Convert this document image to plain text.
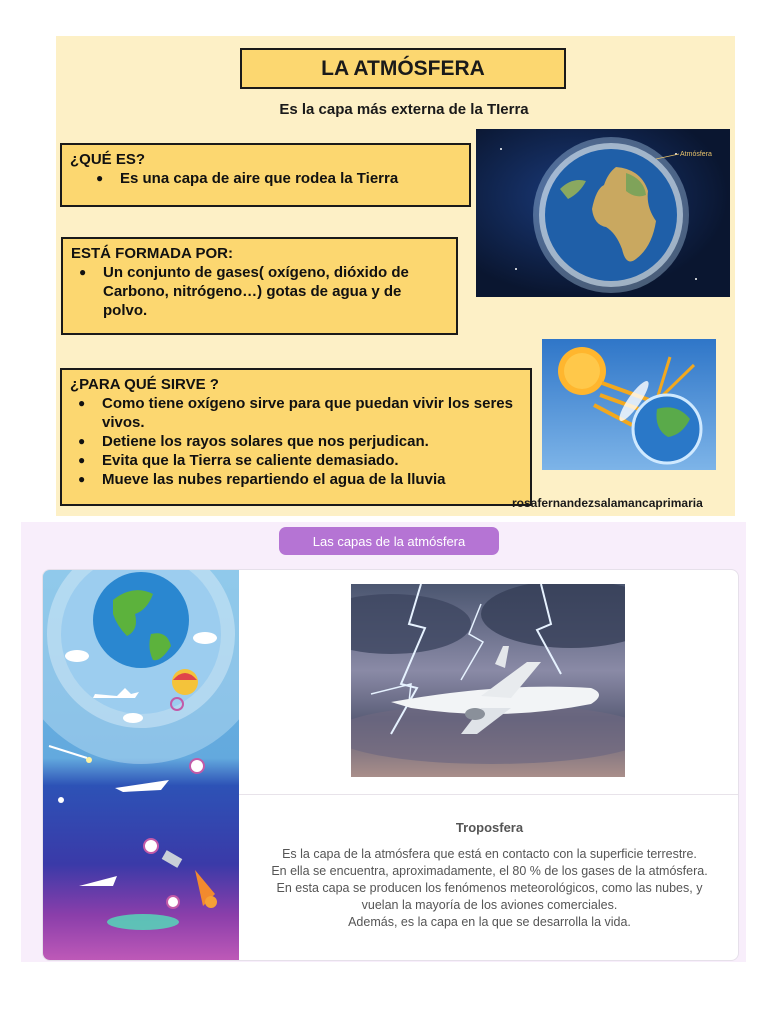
LA ATMÓSFERA
Es la capa más externa de la TIerra
¿QUÉ ES?
● Es una capa de aire que rodea la Tierra
ESTÁ FORMADA POR:
● Un conjunto de gases( oxígeno, dióxido de Carbono, nitrógeno…) gotas de agua y de polvo.
¿PARA QUÉ SIRVE ?
● Como tiene oxígeno sirve para que puedan vivir los seres vivos.
● Detiene los rayos solares que nos perjudican.
● Evita que la Tierra se caliente demasiado.
● Mueve las nubes repartiendo el agua de la lluvia
Atmósfera
rosafernandezsalamancaprimaria
Las capas de la atmósfera
Troposfera
Es la capa de la atmósfera que está en contacto con la superficie terrestre.
En ella se encuentra, aproximadamente, el 80 % de los gases de la atmósfera.
En esta capa se producen los fenómenos meteorológicos, como las nubes, y
vuelan la mayoría de los aviones comerciales.
Además, es la capa en la que se desarrolla la vida.
